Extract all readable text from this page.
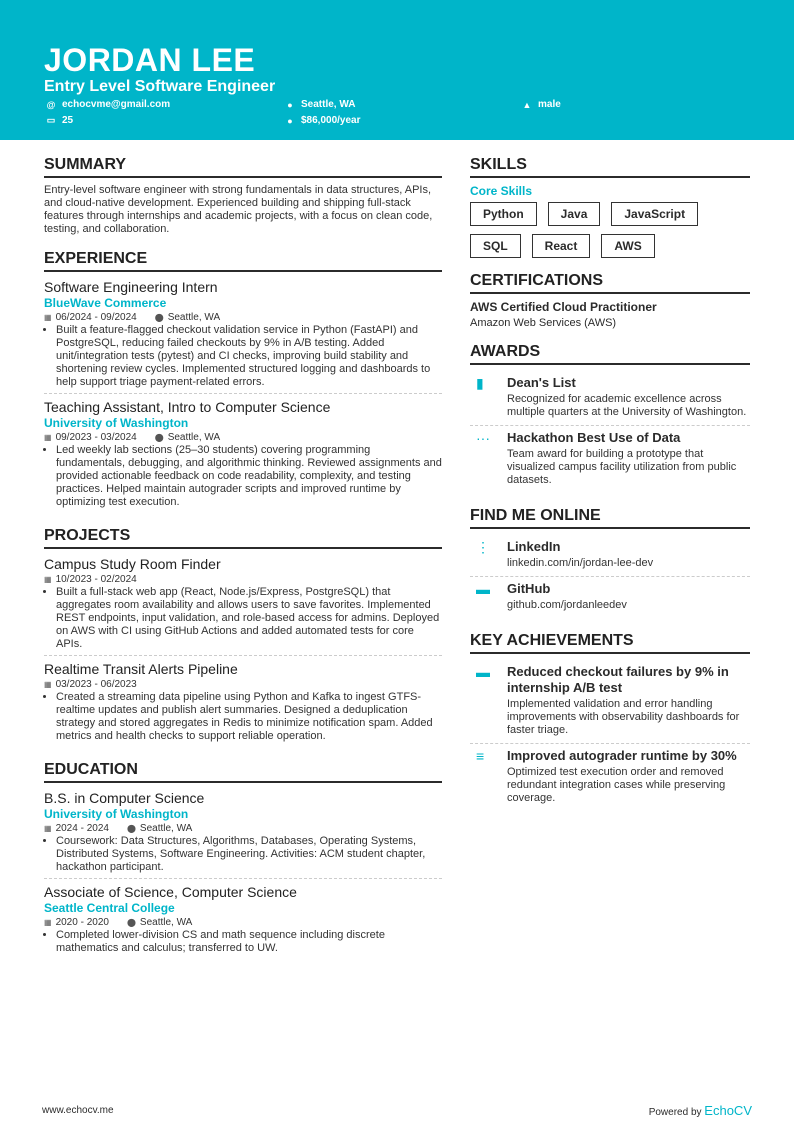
JORDAN LEE
Entry Level Software Engineer
@ echocvme@gmail.com	● Seattle, WA	▲ male
▭ 25	● $86,000/year
SUMMARY

Entry-level software engineer with strong fundamentals in data structures, APIs, and cloud-native development. Experienced building and shipping full-stack features through internships and academic projects, with a focus on clean code, testing, and collaboration.

EXPERIENCE
Software Engineering Intern
BlueWave Commerce
▦ 06/2024 - 09/2024 ⬤ Seattle, WA
• Built a feature-flagged checkout validation service in Python (FastAPI) and PostgreSQL, reducing failed checkouts by 9% in A/B testing. Added unit/integration tests (pytest) and CI checks, improving build stability and shortening review cycles. Implemented structured logging and dashboards to help support triage payment-related errors.
Teaching Assistant, Intro to Computer Science
University of Washington
▦ 09/2023 - 03/2024 ⬤ Seattle, WA
• Led weekly lab sections (25–30 students) covering programming fundamentals, debugging, and algorithmic thinking. Reviewed assignments and provided actionable feedback on code readability, complexity, and testing practices. Helped maintain autograder scripts and improved runtime by optimizing test execution.
PROJECTS
Campus Study Room Finder
▦ 10/2023 - 02/2024
• Built a full-stack web app (React, Node.js/Express, PostgreSQL) that aggregates room availability and allows users to save favorites. Implemented REST endpoints, input validation, and role-based access for admins. Deployed on AWS with CI using GitHub Actions and added automated tests for core APIs.
Realtime Transit Alerts Pipeline
▦ 03/2023 - 06/2023
• Created a streaming data pipeline using Python and Kafka to ingest GTFS-realtime updates and publish alert summaries. Designed a deduplication strategy and stored aggregates in Redis to minimize notification spam. Added metrics and health checks to support reliable operation.
EDUCATION
B.S. in Computer Science
University of Washington
▦ 2024 - 2024 ⬤ Seattle, WA
• Coursework: Data Structures, Algorithms, Databases, Operating Systems, Distributed Systems, Software Engineering. Activities: ACM student chapter, hackathon participant.
Associate of Science, Computer Science
Seattle Central College
▦ 2020 - 2020 ⬤ Seattle, WA
• Completed lower-division CS and math sequence including discrete mathematics and calculus; transferred to UW.
SKILLS
Core Skills
Python	Java	JavaScript
SQL	React	AWS
CERTIFICATIONS
AWS Certified Cloud Practitioner
Amazon Web Services (AWS)
AWARDS
▮	Dean's List
Recognized for academic excellence across multiple quarters at the University of Washington.
···	Hackathon Best Use of Data
Team award for building a prototype that visualized campus facility utilization from public datasets.
FIND ME ONLINE
⋮	LinkedIn
linkedin.com/in/jordan-lee-dev
▬	GitHub
github.com/jordanleedev
KEY ACHIEVEMENTS
▬	Reduced checkout failures by 9% in internship A/B test
Implemented validation and error handling improvements with observability dashboards for faster triage.
≡	Improved autograder runtime by 30%
Optimized test execution order and removed redundant integration cases while preserving coverage.
www.echocv.me	Powered by EchoCV
